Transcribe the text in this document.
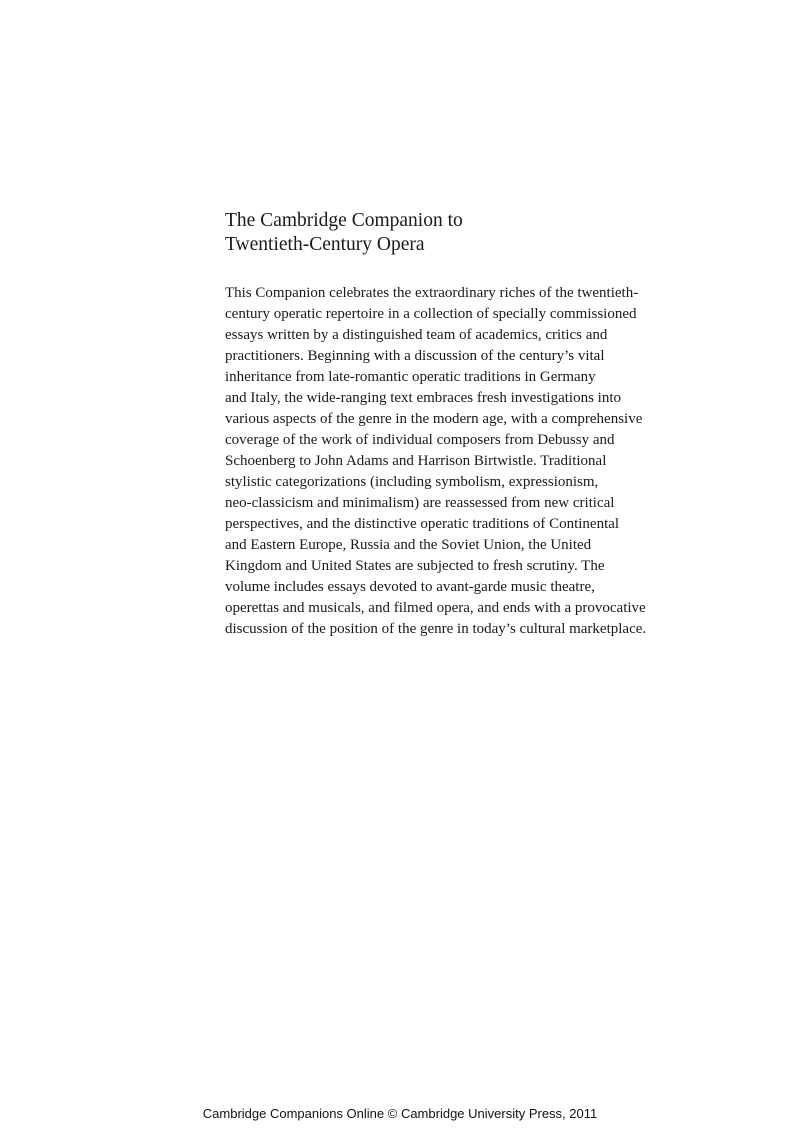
The Cambridge Companion to
Twentieth-Century Opera
This Companion celebrates the extraordinary riches of the twentieth-
century operatic repertoire in a collection of specially commissioned
essays written by a distinguished team of academics, critics and
practitioners. Beginning with a discussion of the century’s vital
inheritance from late-romantic operatic traditions in Germany
and Italy, the wide-ranging text embraces fresh investigations into
various aspects of the genre in the modern age, with a comprehensive
coverage of the work of individual composers from Debussy and
Schoenberg to John Adams and Harrison Birtwistle. Traditional
stylistic categorizations (including symbolism, expressionism,
neo-classicism and minimalism) are reassessed from new critical
perspectives, and the distinctive operatic traditions of Continental
and Eastern Europe, Russia and the Soviet Union, the United
Kingdom and United States are subjected to fresh scrutiny. The
volume includes essays devoted to avant-garde music theatre,
operettas and musicals, and filmed opera, and ends with a provocative
discussion of the position of the genre in today’s cultural marketplace.
Cambridge Companions Online © Cambridge University Press, 2011
